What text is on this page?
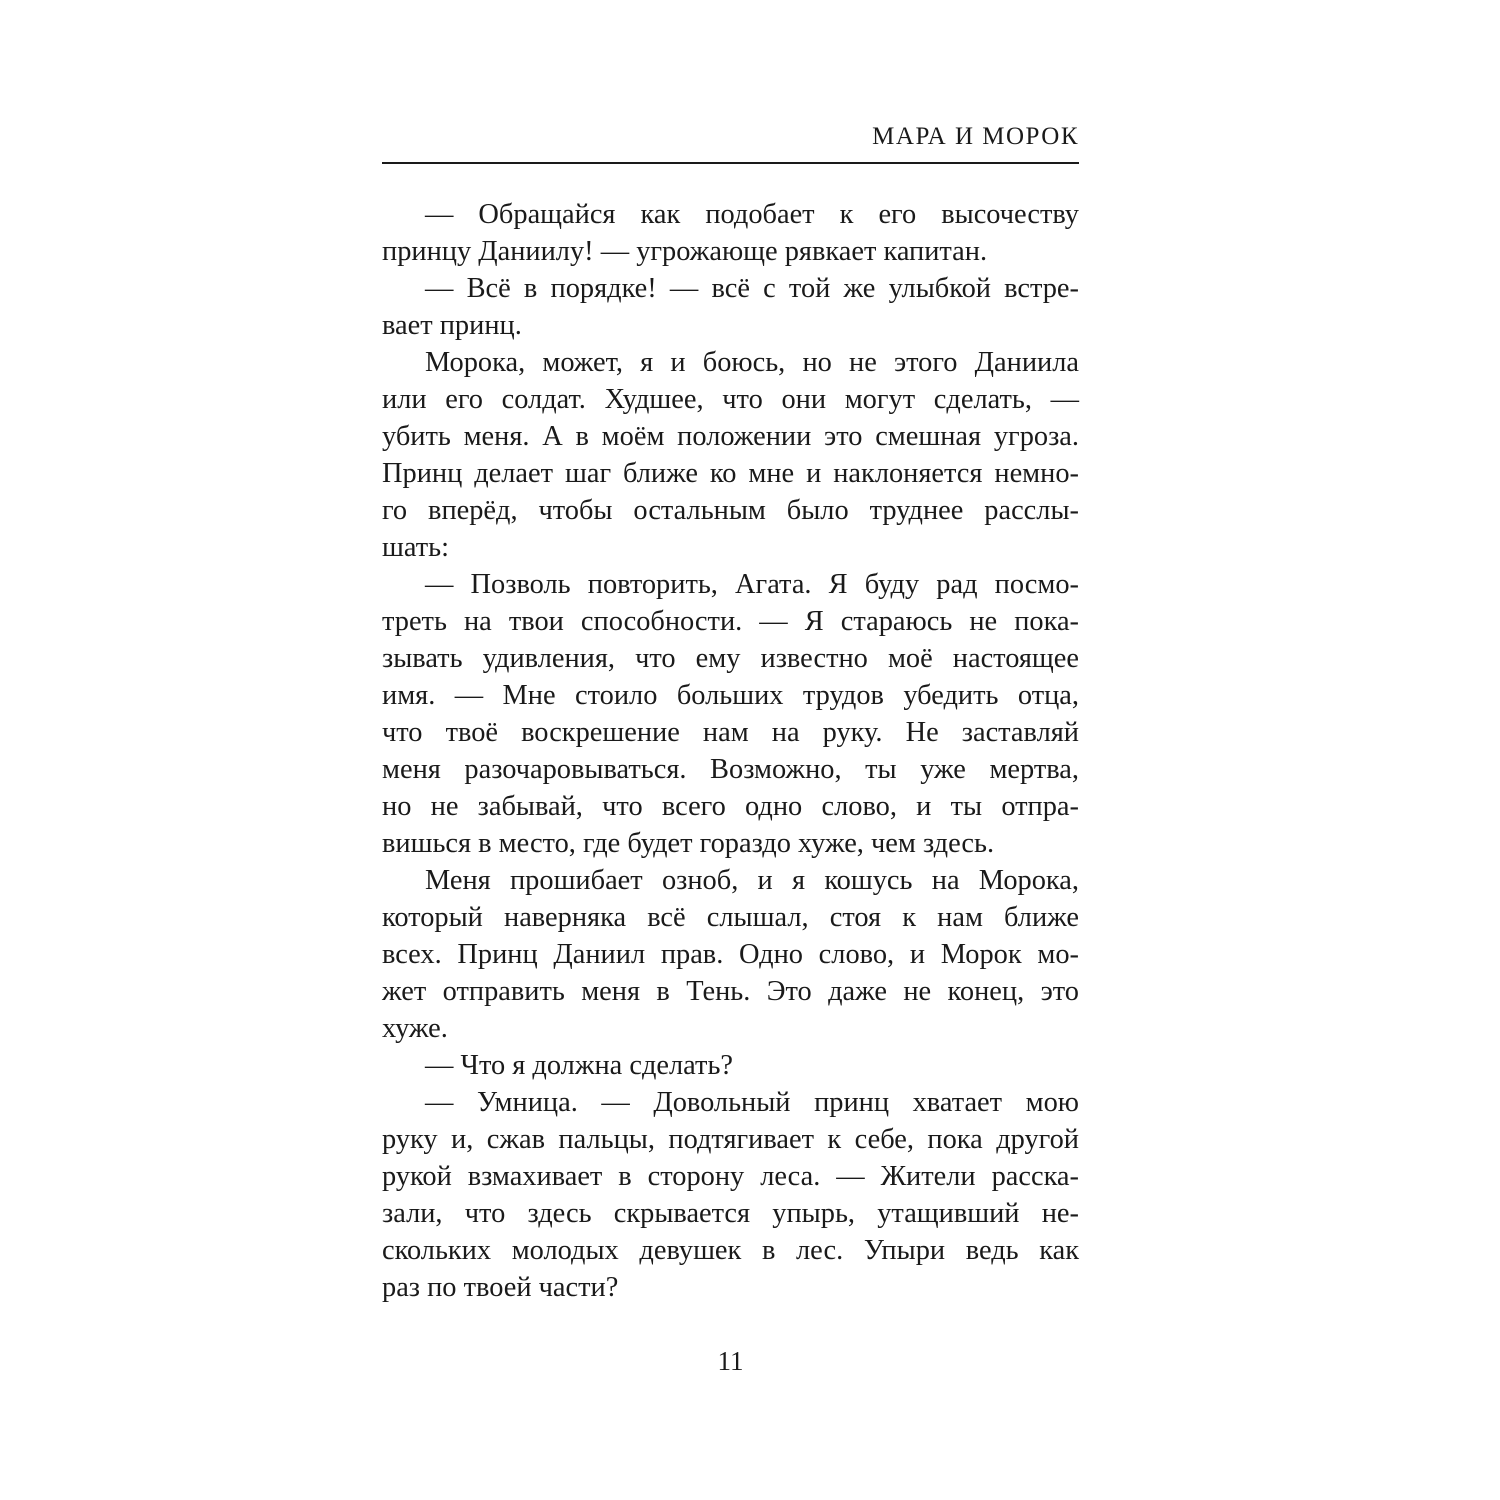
МАРА И МОРОК
— Обращайся как подобает к его высочеству
принцу Даниилу! — угрожающе рявкает капитан.
— Всё в порядке! — всё с той же улыбкой встре-
вает принц.
Морока, может, я и боюсь, но не этого Даниила
или его солдат. Худшее, что они могут сделать, —
убить меня. А в моём положении это смешная угроза.
Принц делает шаг ближе ко мне и наклоняется немно-
го вперёд, чтобы остальным было труднее расслы-
шать:
— Позволь повторить, Агата. Я буду рад посмо-
треть на твои способности. — Я стараюсь не пока-
зывать удивления, что ему известно моё настоящее
имя. — Мне стоило больших трудов убедить отца,
что твоё воскрешение нам на руку. Не заставляй
меня разочаровываться. Возможно, ты уже мертва,
но не забывай, что всего одно слово, и ты отпра-
вишься в место, где будет гораздо хуже, чем здесь.
Меня прошибает озноб, и я кошусь на Морока,
который наверняка всё слышал, стоя к нам ближе
всех. Принц Даниил прав. Одно слово, и Морок мо-
жет отправить меня в Тень. Это даже не конец, это
хуже.
— Что я должна сделать?
— Умница. — Довольный принц хватает мою
руку и, сжав пальцы, подтягивает к себе, пока другой
рукой взмахивает в сторону леса. — Жители расска-
зали, что здесь скрывается упырь, утащивший не-
скольких молодых девушек в лес. Упыри ведь как
раз по твоей части?
11
